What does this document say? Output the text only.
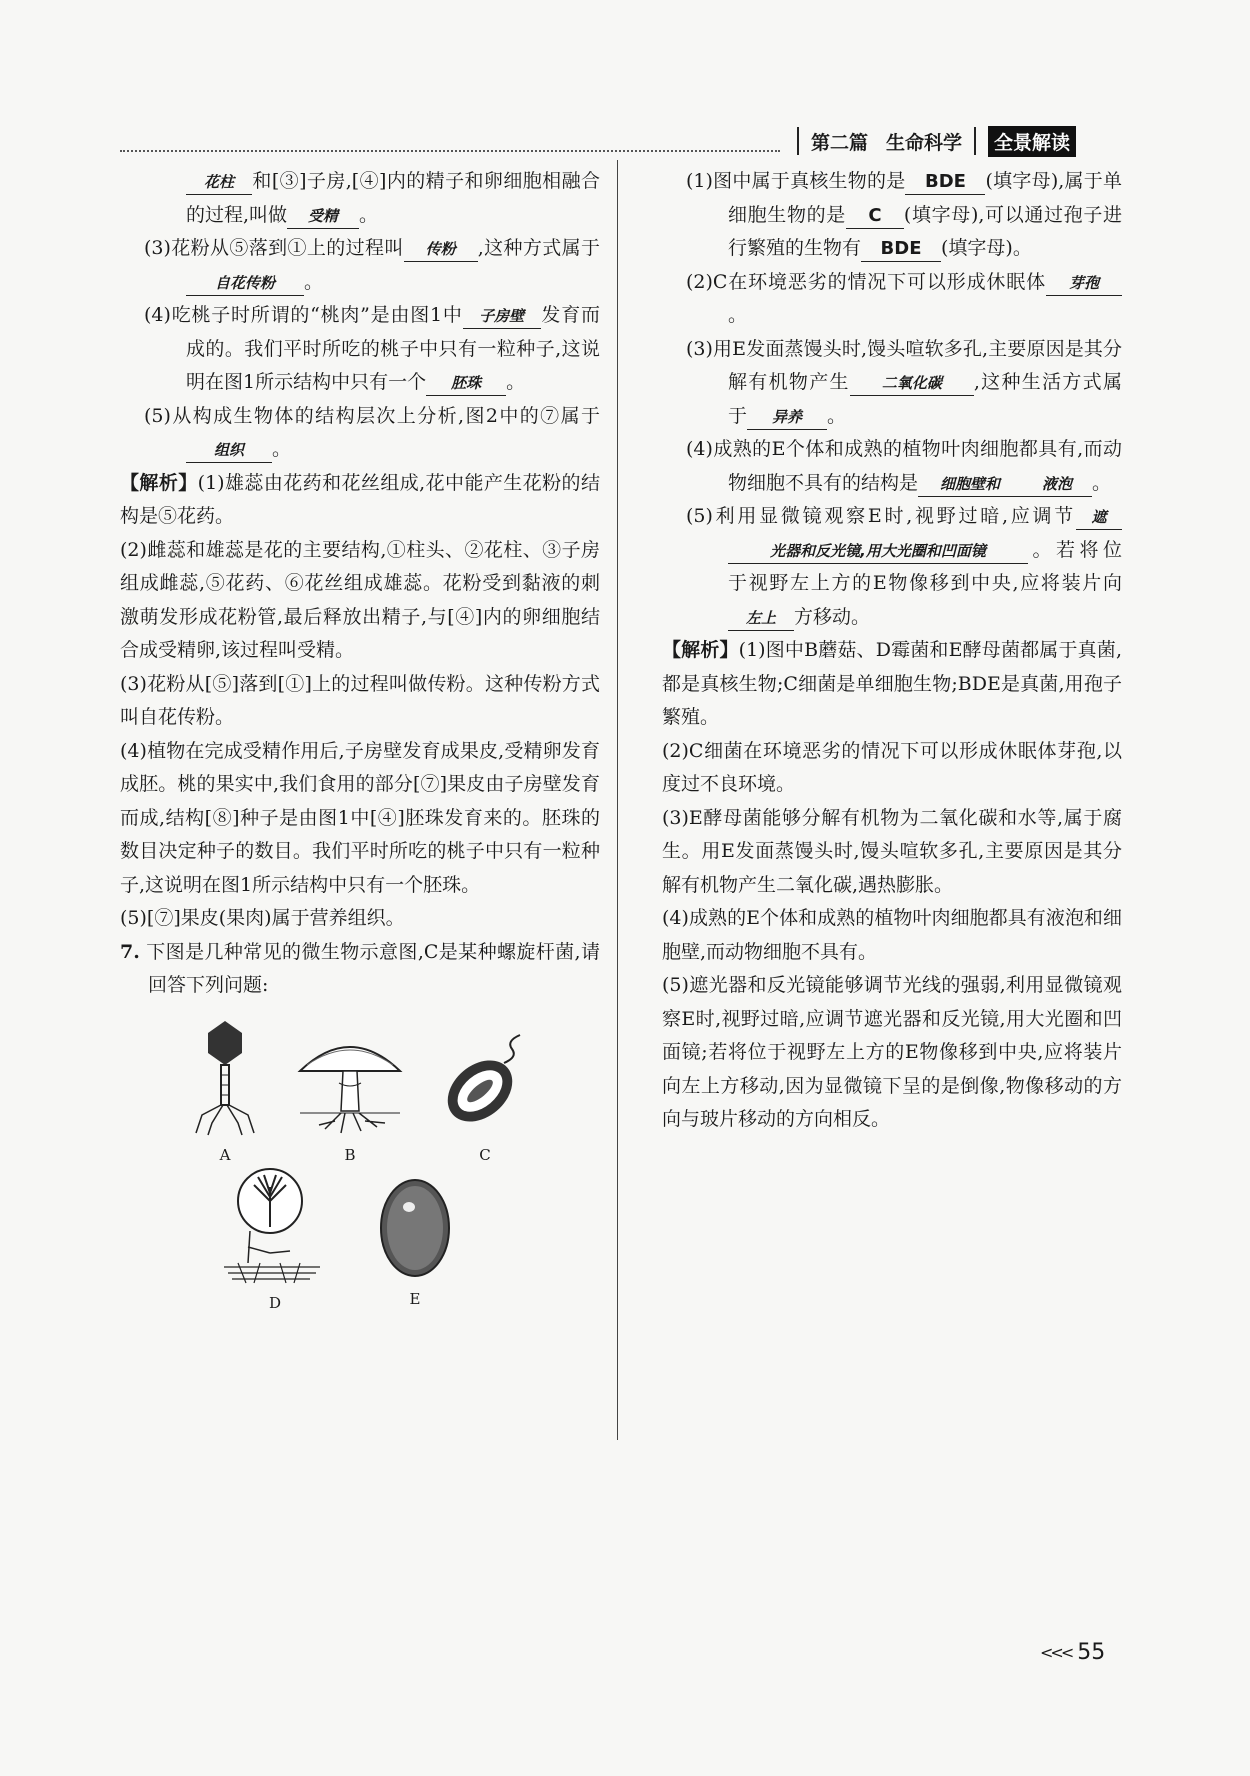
第二篇 生命科学	全景解读

花柱 和[③]子房,[④]内的精子和卵细胞相融合的过程,叫做 受精 。

(3)花粉从⑤落到①上的过程叫 传粉 ,这种方式属于自花传粉 。

(4)吃桃子时所谓的“桃肉”是由图1中 子房壁 发育而成的。我们平时所吃的桃子中只有一粒种子,这说明在图1所示结构中只有一个 胚珠 。

(5)从构成生物体的结构层次上分析,图2中的⑦属于组织 。

【解析】(1)雄蕊由花药和花丝组成,花中能产生花粉的结构是⑤花药。

(2)雌蕊和雄蕊是花的主要结构,①柱头、②花柱、③子房组成雌蕊,⑤花药、⑥花丝组成雄蕊。花粉受到黏液的刺激萌发形成花粉管,最后释放出精子,与[④]内的卵细胞结合成受精卵,该过程叫受精。

(3)花粉从[⑤]落到[①]上的过程叫做传粉。这种传粉方式叫自花传粉。

(4)植物在完成受精作用后,子房壁发育成果皮,受精卵发育成胚。桃的果实中,我们食用的部分[⑦]果皮由子房壁发育而成,结构[⑧]种子是由图1中[④]胚珠发育来的。胚珠的数目决定种子的数目。我们平时所吃的桃子中只有一粒种子,这说明在图1所示结构中只有一个胚珠。

(5)[⑦]果皮(果肉)属于营养组织。

7. 下图是几种常见的微生物示意图,C是某种螺旋杆菌,请回答下列问题:

A	B	C
D	E

(1)图中属于真核生物的是 BDE (填字母),属于单细胞生物的是 C (填字母),可以通过孢子进行繁殖的生物有 BDE (填字母)。

(2)C在环境恶劣的情况下可以形成休眠体 芽孢。

(3)用E发面蒸馒头时,馒头喧软多孔,主要原因是其分解有机物产生 二氧化碳 ,这种生活方式属于 异养 。

(4)成熟的E个体和成熟的植物叶肉细胞都具有,而动物细胞不具有的结构是 细胞壁和	液泡 。

(5)利用显微镜观察E时,视野过暗,应调节 遮光器和反光镜,用大光圈和凹面镜 。若将位于视野左上方的E物像移到中央,应将装片向左上 方移动。

【解析】(1)图中B蘑菇、D霉菌和E酵母菌都属于真菌,都是真核生物;C细菌是单细胞生物;BDE是真菌,用孢子繁殖。

(2)C细菌在环境恶劣的情况下可以形成休眠体芽孢,以度过不良环境。

(3)E酵母菌能够分解有机物为二氧化碳和水等,属于腐生。用E发面蒸馒头时,馒头喧软多孔,主要原因是其分解有机物产生二氧化碳,遇热膨胀。

(4)成熟的E个体和成熟的植物叶肉细胞都具有液泡和细胞壁,而动物细胞不具有。

(5)遮光器和反光镜能够调节光线的强弱,利用显微镜观察E时,视野过暗,应调节遮光器和反光镜,用大光圈和凹面镜;若将位于视野左上方的E物像移到中央,应将装片向左上方移动,因为显微镜下呈的是倒像,物像移动的方向与玻片移动的方向相反。

<<< 55
